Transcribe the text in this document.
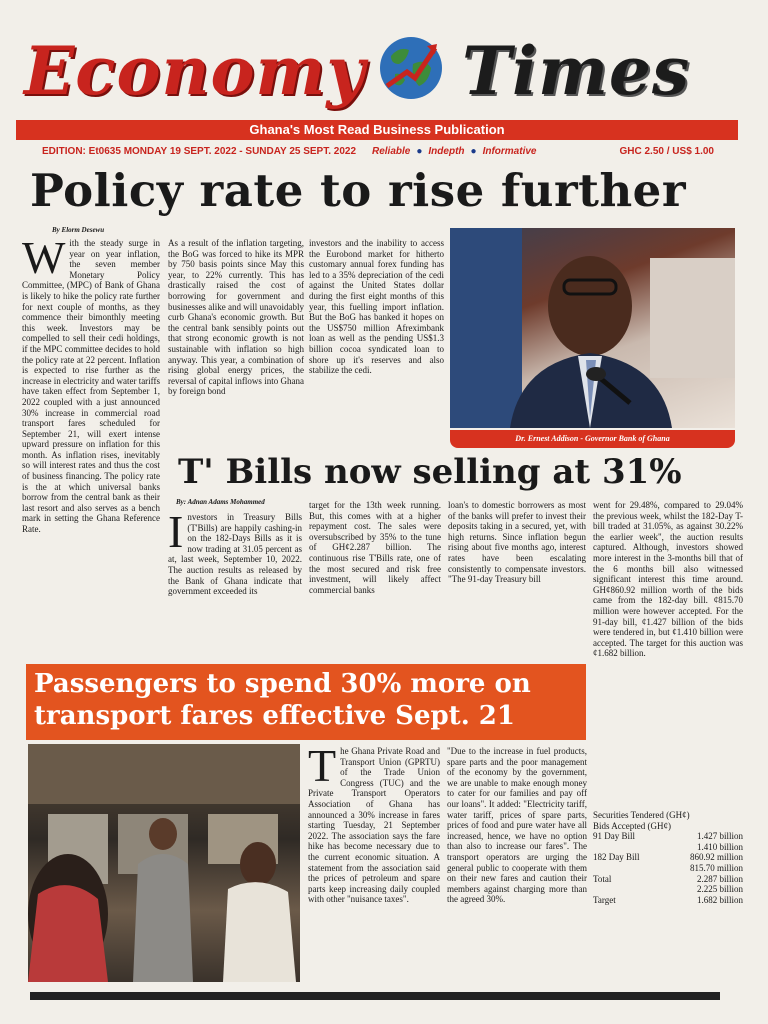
Economy Times
Ghana's Most Read Business Publication
EDITION: Et0635 MONDAY 19 SEPT. 2022 - SUNDAY 25 SEPT. 2022 Reliable ● Indepth ● Informative	GHC 2.50 / US$ 1.00
Policy rate to rise further
By Elorm Desewu
With the steady surge in year on year inflation, the seven member Monetary Policy Committee, (MPC) of Bank of Ghana is likely to hike the policy rate further for next couple of months, as they commence their bimonthly meeting this week. Investors may be compelled to sell their cedi holdings, if the MPC committee decides to hold the policy rate at 22 percent. Inflation is expected to rise further as the increase in electricity and water tariffs have taken effect from September 1, 2022 coupled with a just announced 30% increase in commercial road transport fares scheduled for September 21, will exert intense upward pressure on inflation for this month. As inflation rises, inevitably so will interest rates and thus the cost of business financing. The policy rate is the at which universal banks borrow from the central bank as their last resort and also serves as a bench mark in setting the Ghana Reference Rate.
As a result of the inflation targeting, the BoG was forced to hike its MPR by 750 basis points since May this year, to 22% currently. This has drastically raised the cost of borrowing for government and businesses alike and will unavoidably curb Ghana's economic growth. But the central bank sensibly points out that strong economic growth is not sustainable with inflation so high anyway. This year, a combination of rising global energy prices, the reversal of capital inflows into Ghana by foreign bond
investors and the inability to access the Eurobond market for hitherto customary annual forex funding has led to a 35% depreciation of the cedi against the United States dollar during the first eight months of this year, this fuelling import inflation. But the BoG has banked it hopes on the US$750 million Afreximbank loan as well as the pending US$1.3 billion cocoa syndicated loan to shore up it's reserves and also stabilize the cedi.
Dr. Ernest Addison - Governor Bank of Ghana
T' Bills now selling at 31%
By: Adnan Adams Mohammed
Investors in Treasury Bills (T'Bills) are happily cashing-in on the 182-Days Bills as it is now trading at 31.05 percent as at, last week, September 10, 2022. The auction results as released by the Bank of Ghana indicate that government exceeded its
target for the 13th week running. But, this comes with at a higher repayment cost. The sales were oversubscribed by 35% to the tune of GH¢2.287 billion. The continuous rise T'Bills rate, one of the most secured and risk free investment, will likely affect commercial banks
loan's to domestic borrowers as most of the banks will prefer to invest their deposits taking in a secured, yet, with high returns. Since inflation begun rising about five months ago, interest rates have been escalating consistently to compensate investors. "The 91-day Treasury bill
went for 29.48%, compared to 29.04% the previous week, whilst the 182-Day T-bill traded at 31.05%, as against 30.22% the earlier week", the auction results captured. Although, investors showed more interest in the 3-months bill that of the 6 months bill also witnessed significant interest this time around. GH¢860.92 million worth of the bids came from the 182-day bill. ¢815.70 million were however accepted. For the 91-day bill, ¢1.427 billion of the bids were tendered in, but ¢1.410 billion were accepted. The target for this auction was ¢1.682 billion.
Securities Tendered (GH¢)
Bids Accepted (GH¢)
91 Day Bill	1.427 billion
1.410 billion
182 Day Bill	860.92 million
815.70 million
Total	2.287 billion
2.225 billion
Target	1.682 billion
Passengers to spend 30% more on
transport fares effective Sept. 21
The Ghana Private Road and Transport Union (GPRTU) of the Trade Union Congress (TUC) and the Private Transport Operators Association of Ghana has announced a 30% increase in fares starting Tuesday, 21 September 2022. The association says the fare hike has become necessary due to the current economic situation. A statement from the association said the prices of petroleum and spare parts keep increasing daily coupled with other "nuisance taxes".
"Due to the increase in fuel products, spare parts and the poor management of the economy by the government, we are unable to make enough money to cater for our families and pay off our loans". It added: "Electricity tariff, water tariff, prices of spare parts, prices of food and pure water have all increased, hence, we have no option than also to increase our fares". The transport operators are urging the general public to cooperate with them on their new fares and caution their members against charging more than the agreed 30%.
